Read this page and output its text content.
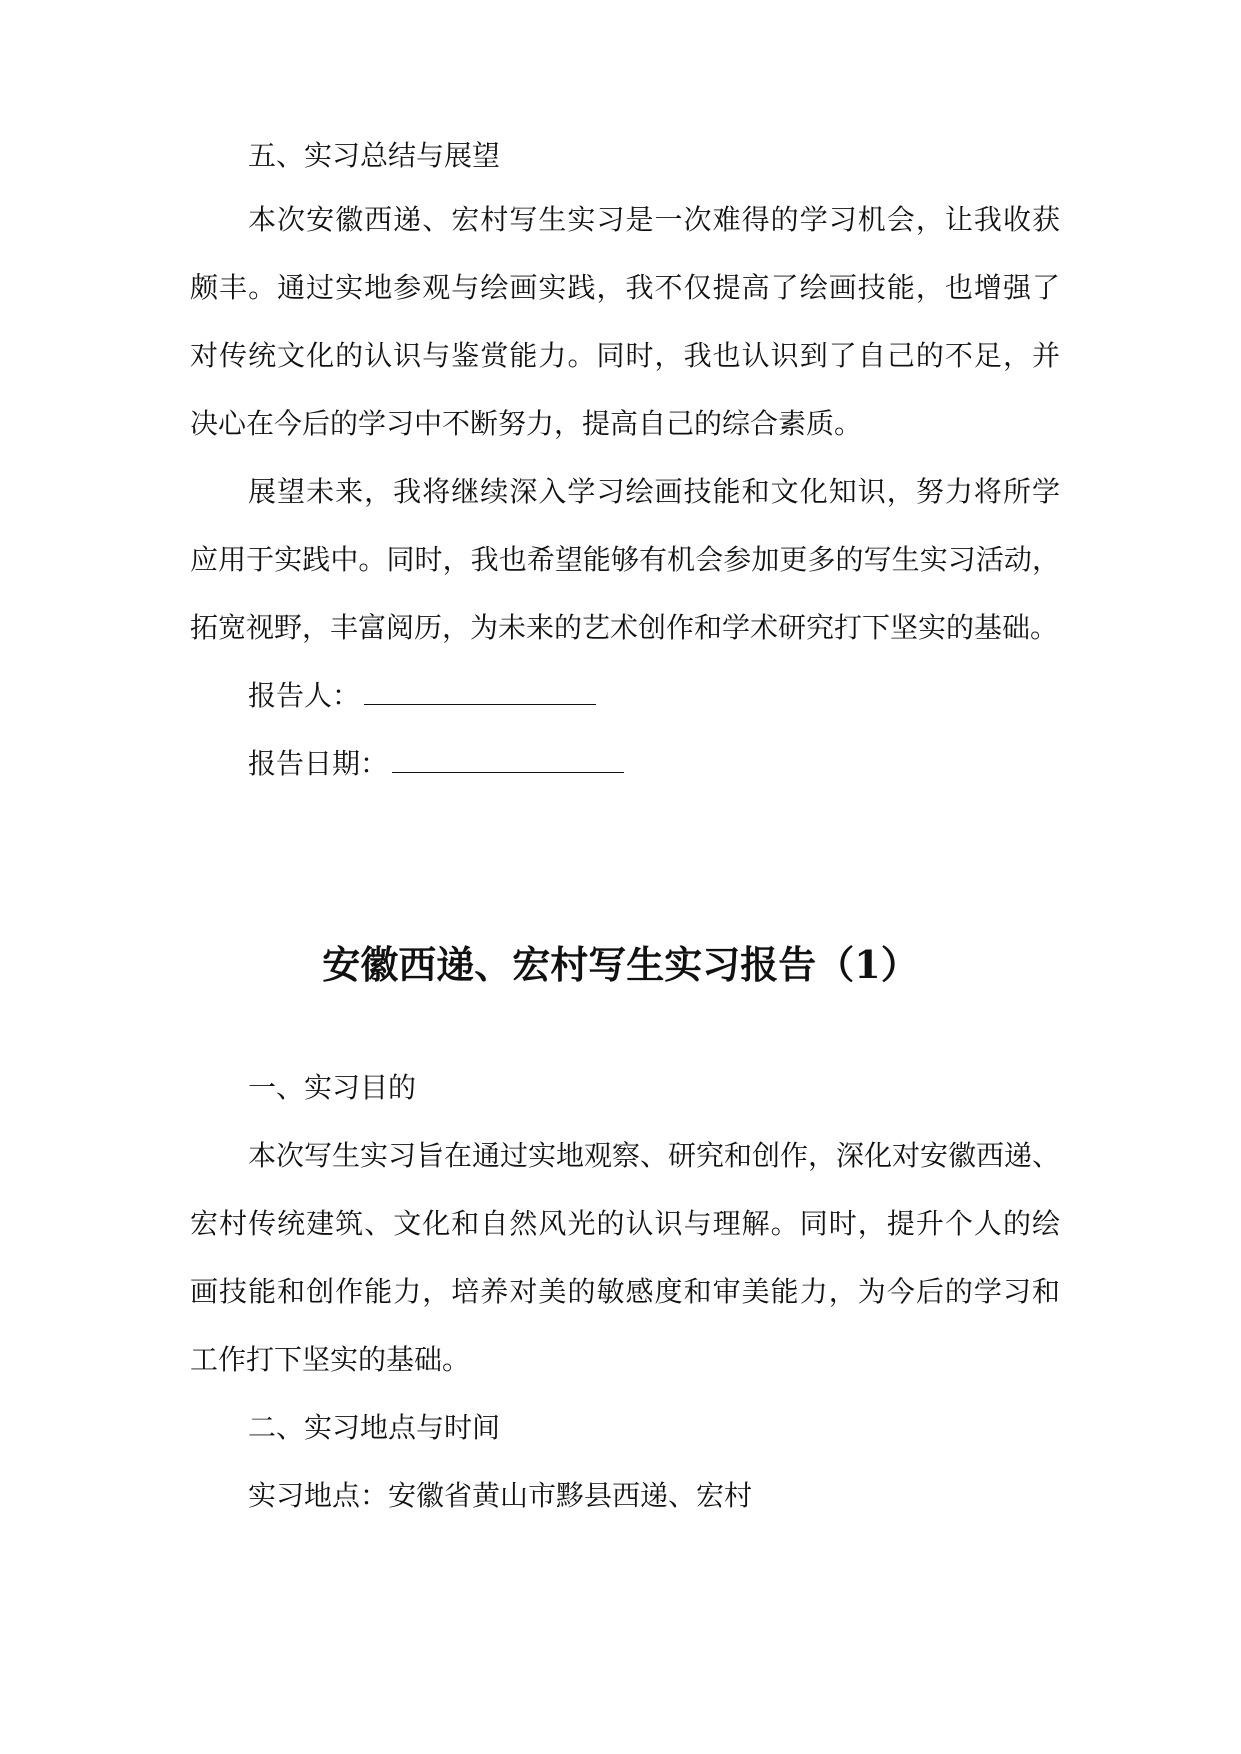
五、实习总结与展望
本次安徽西递、宏村写生实习是一次难得的学习机会，让我收获
颇丰。通过实地参观与绘画实践，我不仅提高了绘画技能，也增强了
对传统文化的认识与鉴赏能力。同时，我也认识到了自己的不足，并
决心在今后的学习中不断努力，提高自己的综合素质。
展望未来，我将继续深入学习绘画技能和文化知识，努力将所学
应用于实践中。同时，我也希望能够有机会参加更多的写生实习活动，
拓宽视野，丰富阅历，为未来的艺术创作和学术研究打下坚实的基础。
报告人：
报告日期：
安徽西递、宏村写生实习报告（1）
一、实习目的
本次写生实习旨在通过实地观察、研究和创作，深化对安徽西递、
宏村传统建筑、文化和自然风光的认识与理解。同时，提升个人的绘
画技能和创作能力，培养对美的敏感度和审美能力，为今后的学习和
工作打下坚实的基础。
二、实习地点与时间
实习地点：安徽省黄山市黟县西递、宏村
